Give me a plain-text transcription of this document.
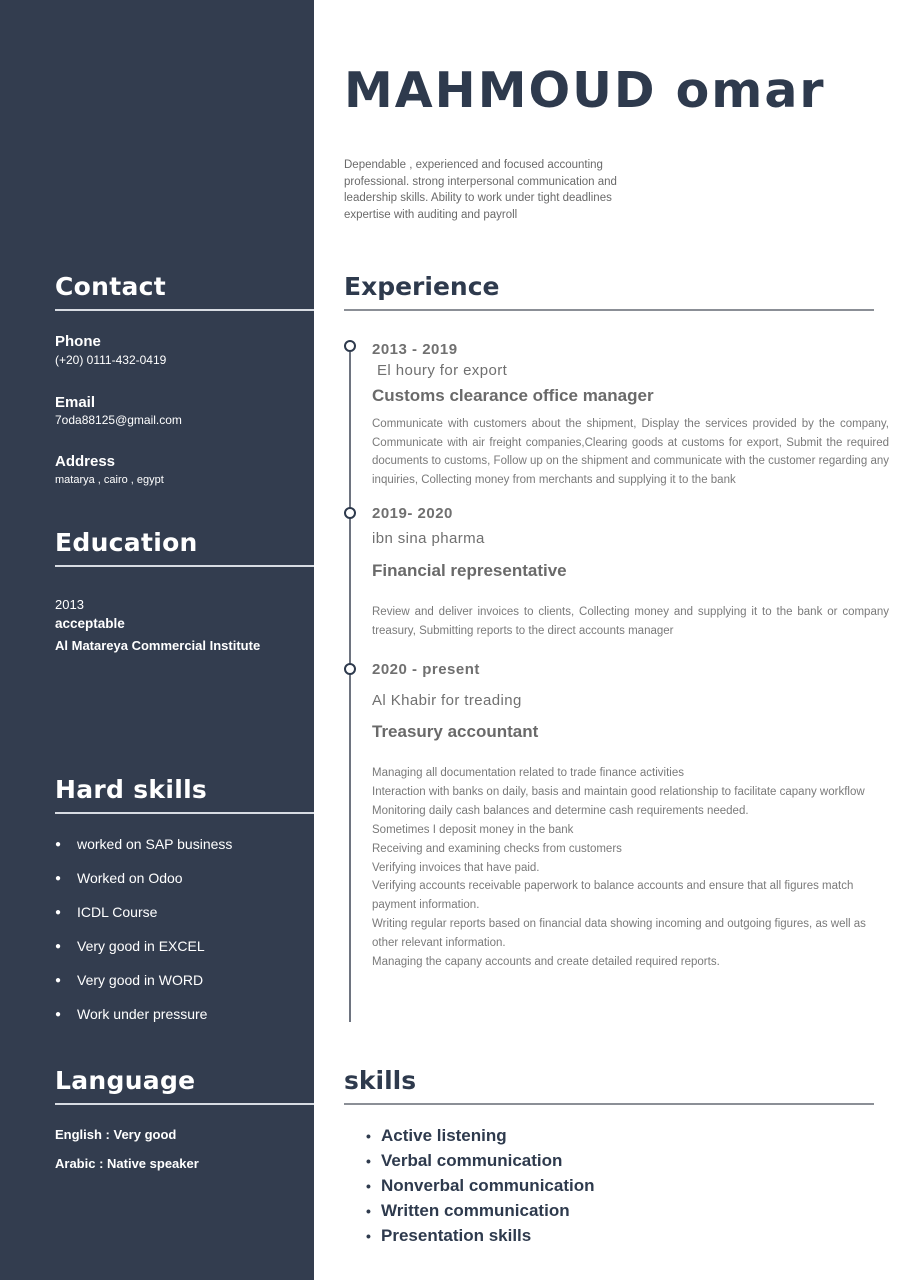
Contact
Phone
(+20) 0111-432-0419
Email
7oda88125@gmail.com
Address
matarya , cairo , egypt
Education
2013
acceptable
Al Matareya Commercial Institute
Hard skills
●	worked on SAP business
●	Worked on Odoo
●	ICDL Course
●	Very good in EXCEL
●	Very good in WORD
●	Work under pressure
Language
English : Very good
Arabic : Native speaker
MAHMOUD omar
Dependable , experienced and focused accounting professional. strong interpersonal communication and leadership skills. Ability to work under tight deadlines expertise with auditing and payroll
Experience
2013 - 2019
El houry for export
Customs clearance office manager
Communicate with customers about the shipment, Display the services provided by the company, Communicate with air freight companies,Clearing goods at customs for export, Submit the required documents to customs, Follow up on the shipment and communicate with the customer regarding any inquiries, Collecting money from merchants and supplying it to the bank
2019- 2020
ibn sina pharma
Financial representative
Review and deliver invoices to clients, Collecting money and supplying it to the bank or company treasury, Submitting reports to the direct accounts manager
2020 - present
Al Khabir for treading
Treasury accountant
Managing all documentation related to trade finance activities
Interaction with banks on daily, basis and maintain good relationship to facilitate capany workflow
Monitoring daily cash balances and determine cash requirements needed.
Sometimes I deposit money in the bank
Receiving and examining checks from customers
Verifying invoices that have paid.
Verifying accounts receivable paperwork to balance accounts and ensure that all figures match payment information.
Writing regular reports based on financial data showing incoming and outgoing figures, as well as other relevant information.
Managing the capany accounts and create detailed required reports.
skills
• Active listening
• Verbal communication
• Nonverbal communication
• Written communication
• Presentation skills
